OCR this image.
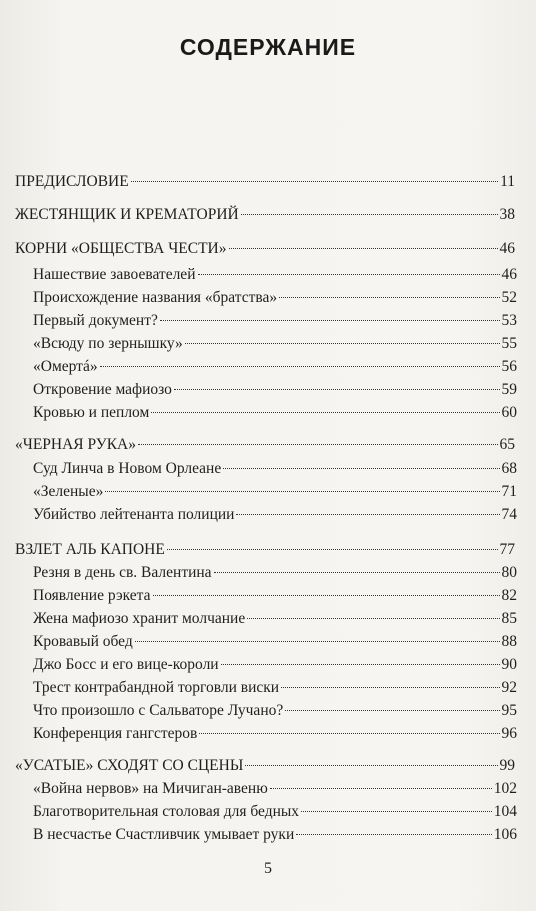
СОДЕРЖАНИЕ
ПРЕДИСЛОВИЕ	11
ЖЕСТЯНЩИК И КРЕМАТОРИЙ	38
КОРНИ «ОБЩЕСТВА ЧЕСТИ»	46
Нашествие завоевателей	46
Происхождение названия «братства»	52
Первый документ?	53
«Всюду по зернышку»	55
«Омертá»	56
Откровение мафиозо	59
Кровью и пеплом	60
«ЧЕРНАЯ РУКА»	65
Суд Линча в Новом Орлеане	68
«Зеленые»	71
Убийство лейтенанта полиции	74
ВЗЛЕТ АЛЬ КАПОНЕ	77
Резня в день св. Валентина	80
Появление рэкета	82
Жена мафиозо хранит молчание	85
Кровавый обед	88
Джо Босс и его вице-короли	90
Трест контрабандной торговли виски	92
Что произошло с Сальваторе Лучано?	95
Конференция гангстеров	96
«УСАТЫЕ» СХОДЯТ СО СЦЕНЫ	99
«Война нервов» на Мичиган-авеню	102
Благотворительная столовая для бедных	104
В несчастье Счастливчик умывает руки	106
5
